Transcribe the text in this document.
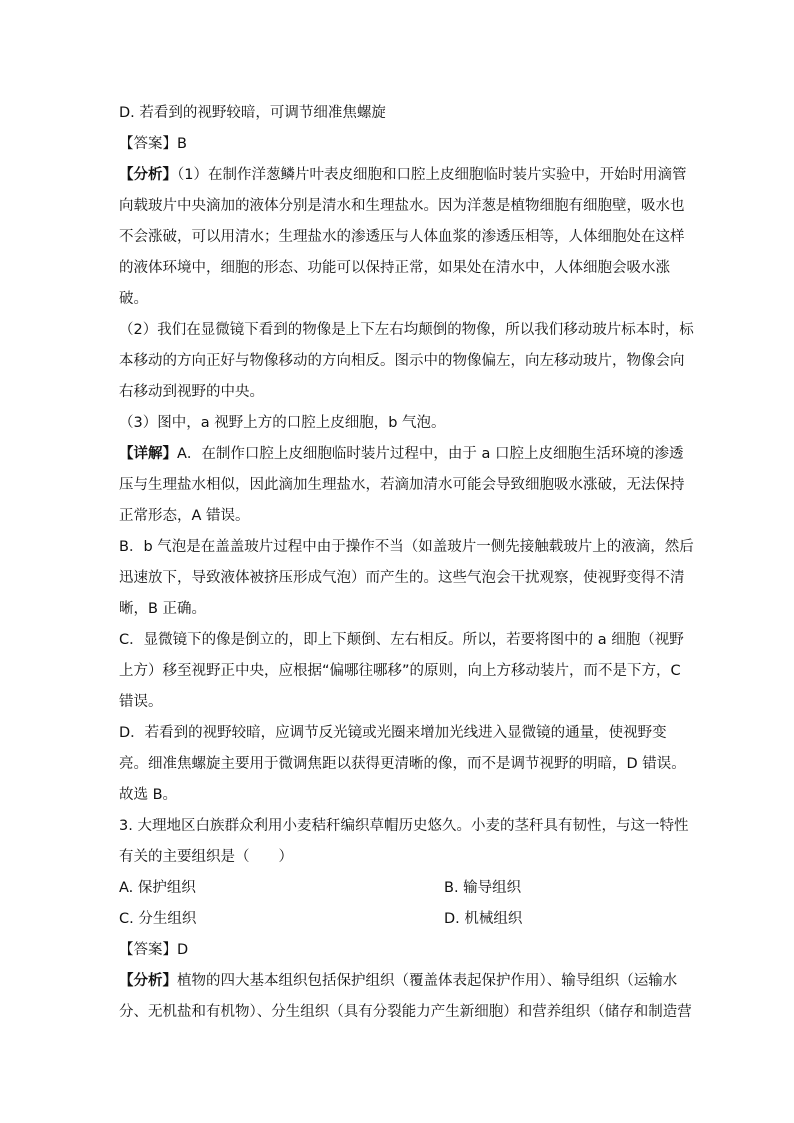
D. 若看到的视野较暗，可调节细准焦螺旋
【答案】B
【分析】（1）在制作洋葱鳞片叶表皮细胞和口腔上皮细胞临时装片实验中，开始时用滴管
向载玻片中央滴加的液体分别是清水和生理盐水。因为洋葱是植物细胞有细胞壁，吸水也
不会涨破，可以用清水；生理盐水的渗透压与人体血浆的渗透压相等，人体细胞处在这样
的液体环境中，细胞的形态、功能可以保持正常，如果处在清水中，人体细胞会吸水涨
破。
（2）我们在显微镜下看到的物像是上下左右均颠倒的物像，所以我们移动玻片标本时，标
本移动的方向正好与物像移动的方向相反。图示中的物像偏左，向左移动玻片，物像会向
右移动到视野的中央。
（3）图中，a 视野上方的口腔上皮细胞，b 气泡。
【详解】A．在制作口腔上皮细胞临时装片过程中，由于 a 口腔上皮细胞生活环境的渗透
压与生理盐水相似，因此滴加生理盐水，若滴加清水可能会导致细胞吸水涨破，无法保持
正常形态，A 错误。
B．b 气泡是在盖盖玻片过程中由于操作不当（如盖玻片一侧先接触载玻片上的液滴，然后
迅速放下，导致液体被挤压形成气泡）而产生的。这些气泡会干扰观察，使视野变得不清
晰，B 正确。
C．显微镜下的像是倒立的，即上下颠倒、左右相反。所以，若要将图中的 a 细胞（视野
上方）移至视野正中央，应根据“偏哪往哪移”的原则，向上方移动装片，而不是下方，C
错误。
D．若看到的视野较暗，应调节反光镜或光圈来增加光线进入显微镜的通量，使视野变
亮。细准焦螺旋主要用于微调焦距以获得更清晰的像，而不是调节视野的明暗，D 错误。
故选 B。
3. 大理地区白族群众利用小麦秸秆编织草帽历史悠久。小麦的茎秆具有韧性，与这一特性
有关的主要组织是（　　）
A. 保护组织	B. 输导组织
C. 分生组织	D. 机械组织
【答案】D
【分析】植物的四大基本组织包括保护组织（覆盖体表起保护作用）、输导组织（运输水
分、无机盐和有机物）、分生组织（具有分裂能力产生新细胞）和营养组织（储存和制造营
